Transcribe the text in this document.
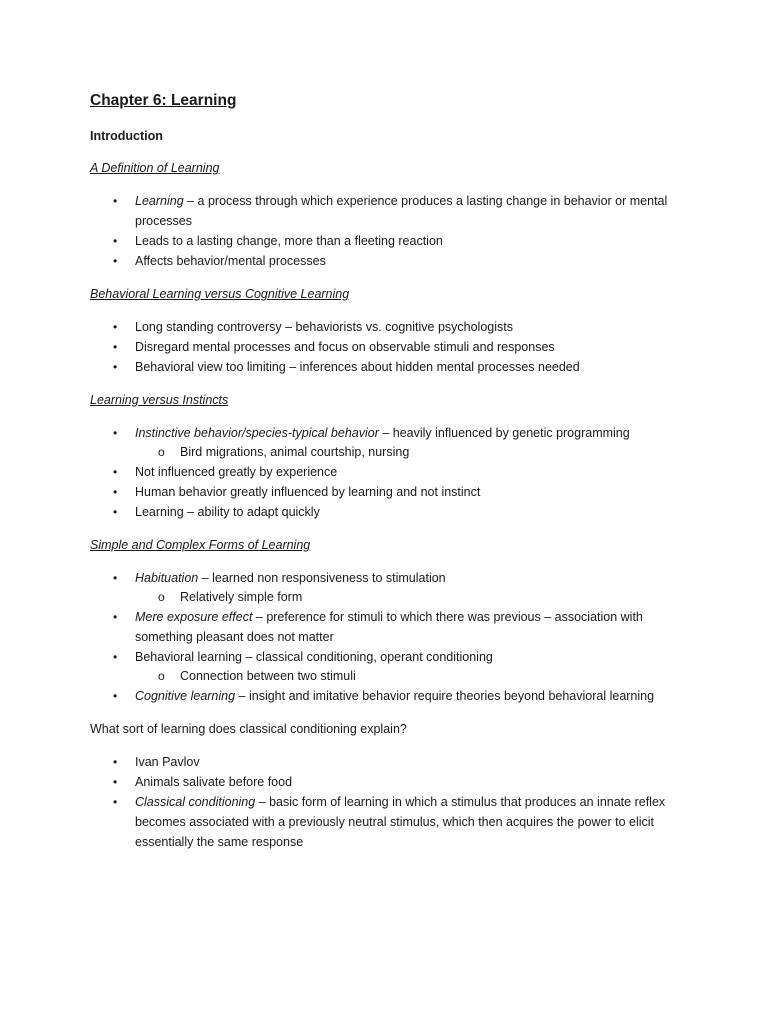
Chapter 6: Learning
Introduction
A Definition of Learning
• Learning – a process through which experience produces a lasting change in behavior or mental processes
• Leads to a lasting change, more than a fleeting reaction
• Affects behavior/mental processes
Behavioral Learning versus Cognitive Learning
• Long standing controversy – behaviorists vs. cognitive psychologists
• Disregard mental processes and focus on observable stimuli and responses
• Behavioral view too limiting – inferences about hidden mental processes needed
Learning versus Instincts
• Instinctive behavior/species-typical behavior – heavily influenced by genetic programming
o Bird migrations, animal courtship, nursing
• Not influenced greatly by experience
• Human behavior greatly influenced by learning and not instinct
• Learning – ability to adapt quickly
Simple and Complex Forms of Learning
• Habituation – learned non responsiveness to stimulation
o Relatively simple form
• Mere exposure effect – preference for stimuli to which there was previous – association with something pleasant does not matter
• Behavioral learning – classical conditioning, operant conditioning
o Connection between two stimuli
• Cognitive learning – insight and imitative behavior require theories beyond behavioral learning
What sort of learning does classical conditioning explain?
• Ivan Pavlov
• Animals salivate before food
• Classical conditioning – basic form of learning in which a stimulus that produces an innate reflex becomes associated with a previously neutral stimulus, which then acquires the power to elicit essentially the same response
